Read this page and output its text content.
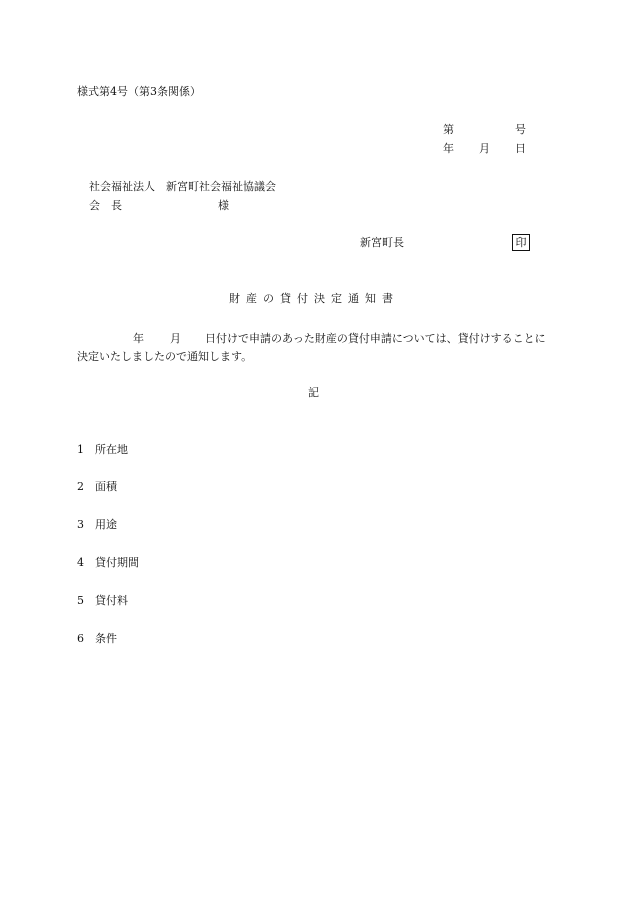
様式第4号（第3条関係）
第	号
年 月 日
社会福祉法人　新宮町社会福祉協議会
会　長	様
新宮町長	印
財産の貸付決定通知書
年 月 日付けで申請のあった財産の貸付申請については、貸付けすることに決定いたしましたので通知します。
記
1 所在地
2 面積
3 用途
4 貸付期間
5 貸付料
6 条件
